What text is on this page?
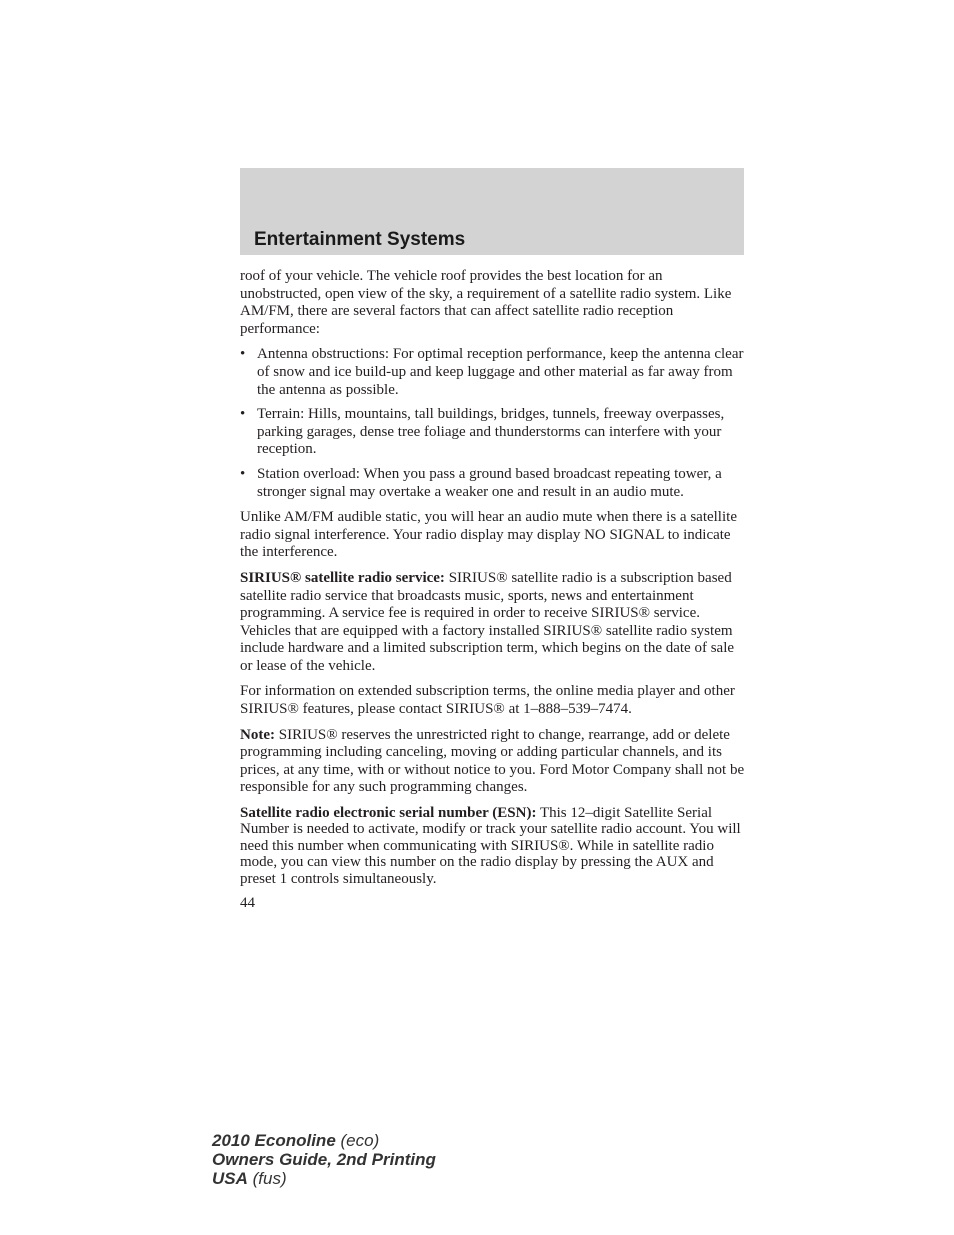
Entertainment Systems

roof of your vehicle. The vehicle roof provides the best location for an unobstructed, open view of the sky, a requirement of a satellite radio system. Like AM/FM, there are several factors that can affect satellite radio reception performance:

• Antenna obstructions: For optimal reception performance, keep the antenna clear of snow and ice build-up and keep luggage and other material as far away from the antenna as possible.
• Terrain: Hills, mountains, tall buildings, bridges, tunnels, freeway overpasses, parking garages, dense tree foliage and thunderstorms can interfere with your reception.
• Station overload: When you pass a ground based broadcast repeating tower, a stronger signal may overtake a weaker one and result in an audio mute.

Unlike AM/FM audible static, you will hear an audio mute when there is a satellite radio signal interference. Your radio display may display NO SIGNAL to indicate the interference.

SIRIUS® satellite radio service: SIRIUS® satellite radio is a subscription based satellite radio service that broadcasts music, sports, news and entertainment programming. A service fee is required in order to receive SIRIUS® service. Vehicles that are equipped with a factory installed SIRIUS® satellite radio system include hardware and a limited subscription term, which begins on the date of sale or lease of the vehicle.

For information on extended subscription terms, the online media player and other SIRIUS® features, please contact SIRIUS® at 1–888–539–7474.

Note: SIRIUS® reserves the unrestricted right to change, rearrange, add or delete programming including canceling, moving or adding particular channels, and its prices, at any time, with or without notice to you. Ford Motor Company shall not be responsible for any such programming changes.

Satellite radio electronic serial number (ESN): This 12–digit Satellite Serial Number is needed to activate, modify or track your satellite radio account. You will need this number when communicating with SIRIUS®. While in satellite radio mode, you can view this number on the radio display by pressing the AUX and preset 1 controls simultaneously.

44
2010 Econoline (eco)
Owners Guide, 2nd Printing
USA (fus)
